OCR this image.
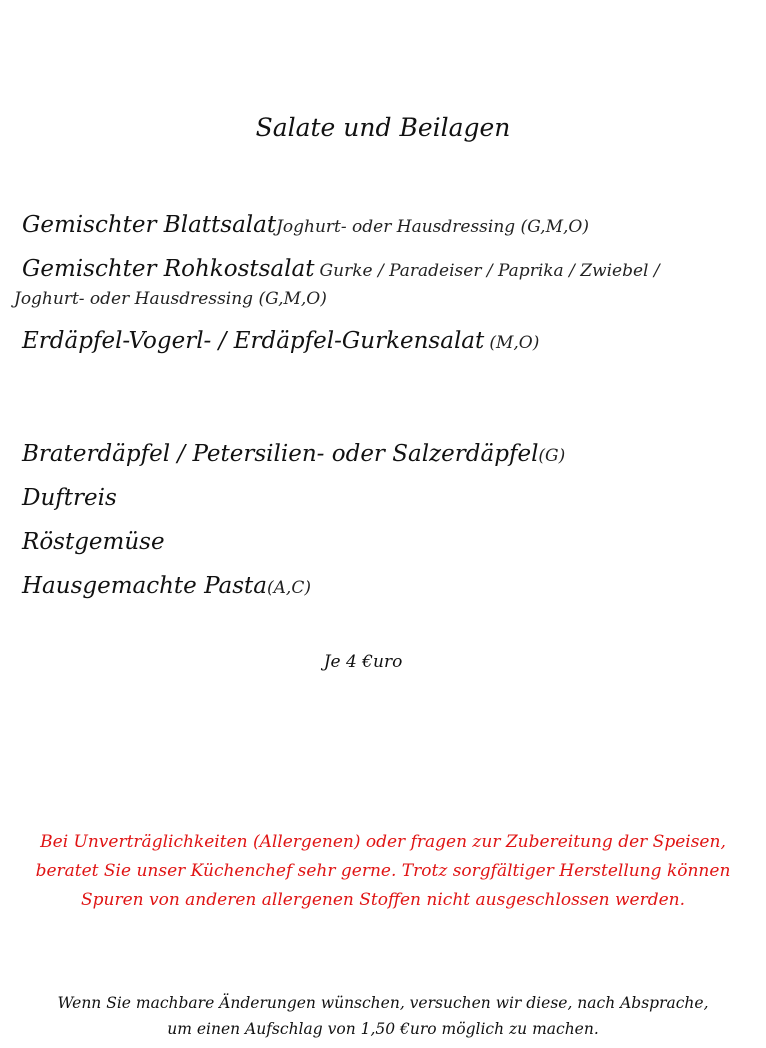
Salate und Beilagen
Gemischter BlattsalatJoghurt- oder Hausdressing (G,M,O)
Gemischter Rohkostsalat Gurke / Paradeiser / Paprika / Zwiebel /
Joghurt- oder Hausdressing (G,M,O)
Erdäpfel-Vogerl- / Erdäpfel-Gurkensalat (M,O)
Braterdäpfel / Petersilien- oder Salzerdäpfel(G)
Duftreis
Röstgemüse
Hausgemachte Pasta(A,C)
Je 4 €uro
Bei Unverträglichkeiten (Allergenen) oder fragen zur Zubereitung der Speisen, beratet Sie unser Küchenchef sehr gerne. Trotz sorgfältiger Herstellung können Spuren von anderen allergenen Stoffen nicht ausgeschlossen werden.
Wenn Sie machbare Änderungen wünschen, versuchen wir diese, nach Absprache,
um einen Aufschlag von 1,50 €uro möglich zu machen.
